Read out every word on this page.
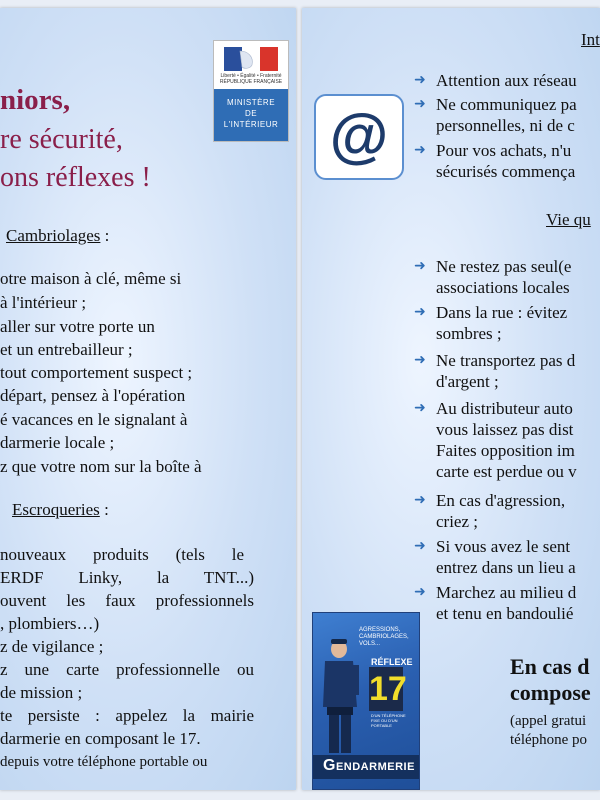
Liberté • Égalité • Fraternité
RÉPUBLIQUE FRANÇAISE
MINISTÈRE
DE
L'INTÉRIEUR
niors,
re sécurité,
ons réflexes !
Cambriolages :
otre maison à clé, même si
à l'intérieur ;
aller sur votre porte un
et un entrebailleur ;
tout comportement suspect ;
départ, pensez à l'opération
é vacances en le signalant à
darmerie locale ;
z que votre nom sur la boîte à
Escroqueries :
nouveaux produits (tels le
ERDF Linky, la TNT...)
ouvent les faux professionnels
, plombiers…)
z de vigilance ;
z une carte professionnelle ou
de mission ;
te persiste : appelez la mairie
darmerie en composant le 17.
depuis votre téléphone portable ou
Int
@
➜ Attention aux réseau
➜ Ne communiquez pa
personnelles, ni de c
➜ Pour vos achats, n'u
sécurisés commença
Vie qu
➜ Ne restez pas seul(e
associations locales
➜ Dans la rue : évitez
sombres ;
➜ Ne transportez pas d
d'argent ;
➜ Au distributeur auto
vous laissez pas dist
Faites opposition im
carte est perdue ou v
➜ En cas d'agression,
criez ;
➜ Si vous avez le sent
entrez dans un lieu a
➜ Marchez au milieu d
et tenu en bandoulié
AGRESSIONS, CAMBRIOLAGES, VOLS...
RÉFLEXE
17
D'UN TÉLÉPHONE FIXE OU D'UN PORTABLE
GENDARMERIE
En cas d
compose
(appel gratui
téléphone po
